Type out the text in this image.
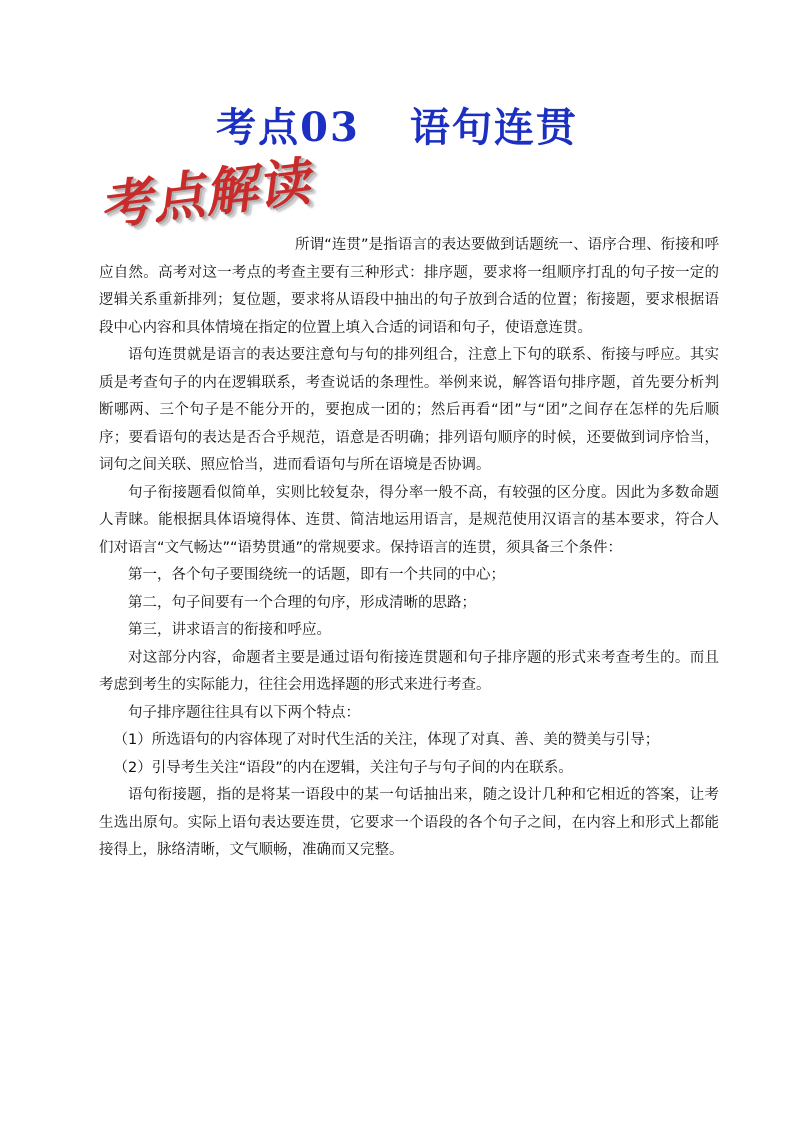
考点03 语句连贯
考点解读

所谓“连贯”是指语言的表达要做到话题统一、语序合理、衔接和呼应自然。高考对这一考点的考查主要有三种形式：排序题，要求将一组顺序打乱的句子按一定的逻辑关系重新排列；复位题，要求将从语段中抽出的句子放到合适的位置；衔接题，要求根据语段中心内容和具体情境在指定的位置上填入合适的词语和句子，使语意连贯。

语句连贯就是语言的表达要注意句与句的排列组合，注意上下句的联系、衔接与呼应。其实质是考查句子的内在逻辑联系，考查说话的条理性。举例来说，解答语句排序题，首先要分析判断哪两、三个句子是不能分开的，要抱成一团的；然后再看“团”与“团”之间存在怎样的先后顺序；要看语句的表达是否合乎规范，语意是否明确；排列语句顺序的时候，还要做到词序恰当，词句之间关联、照应恰当，进而看语句与所在语境是否协调。

句子衔接题看似简单，实则比较复杂，得分率一般不高，有较强的区分度。因此为多数命题人青睐。能根据具体语境得体、连贯、简洁地运用语言，是规范使用汉语言的基本要求，符合人们对语言“文气畅达”“语势贯通”的常规要求。保持语言的连贯，须具备三个条件：

第一，各个句子要围绕统一的话题，即有一个共同的中心；

第二，句子间要有一个合理的句序，形成清晰的思路；

第三，讲求语言的衔接和呼应。

对这部分内容，命题者主要是通过语句衔接连贯题和句子排序题的形式来考查考生的。而且考虑到考生的实际能力，往往会用选择题的形式来进行考查。

句子排序题往往具有以下两个特点：

（1）所选语句的内容体现了对时代生活的关注，体现了对真、善、美的赞美与引导；

（2）引导考生关注“语段”的内在逻辑，关注句子与句子间的内在联系。

语句衔接题，指的是将某一语段中的某一句话抽出来，随之设计几种和它相近的答案，让考生选出原句。实际上语句表达要连贯，它要求一个语段的各个句子之间，在内容上和形式上都能接得上，脉络清晰，文气顺畅，准确而又完整。
